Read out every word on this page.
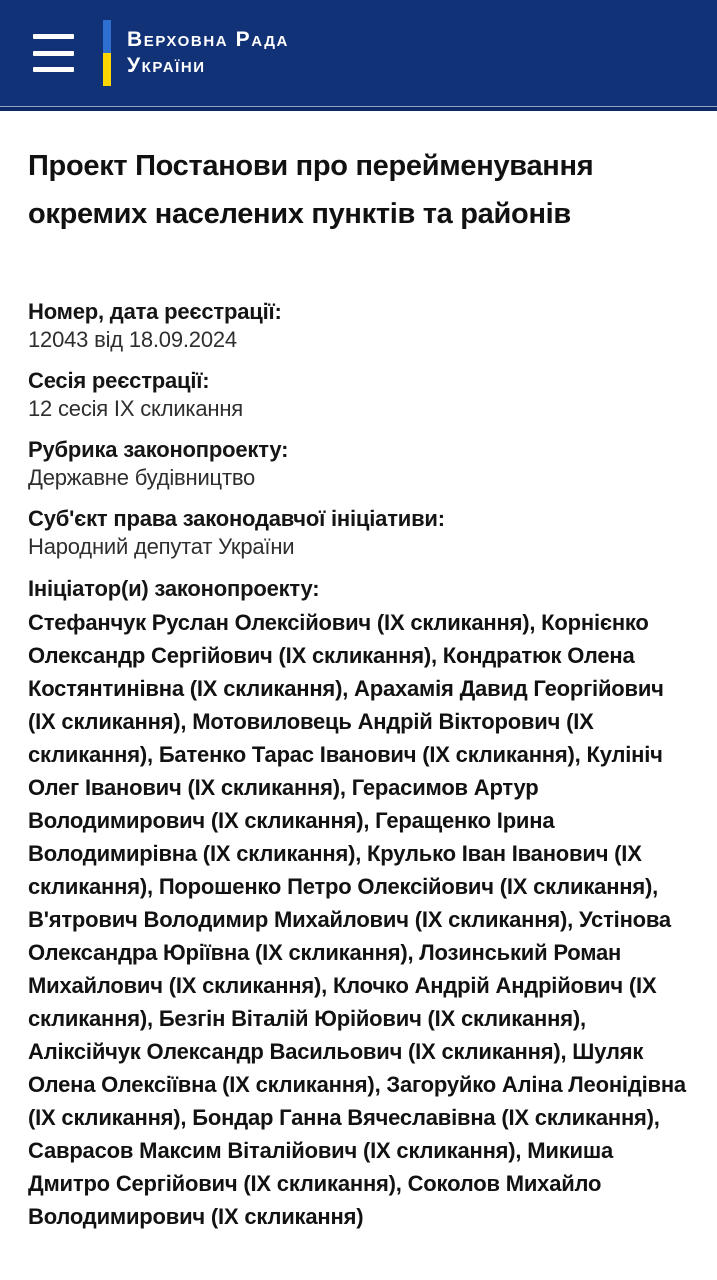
Верховна Рада
України
Проект Постанови про перейменування окремих населених пунктів та районів
Номер, дата реєстрації:
12043 від 18.09.2024
Сесія реєстрації:
12 сесія IX скликання
Рубрика законопроекту:
Державне будівництво
Суб'єкт права законодавчої ініціативи:
Народний депутат України
Ініціатор(и) законопроекту:
Стефанчук Руслан Олексійович (IX скликання), Корнієнко Олександр Сергійович (IX скликання), Кондратюк Олена Костянтинівна (IX скликання), Арахамія Давид Георгійович (IX скликання), Мотовиловець Андрій Вікторович (IX скликання), Батенко Тарас Іванович (IX скликання), Кулініч Олег Іванович (IX скликання), Герасимов Артур Володимирович (IX скликання), Геращенко Ірина Володимирівна (IX скликання), Крулько Іван Іванович (IX скликання), Порошенко Петро Олексійович (IX скликання), В'ятрович Володимир Михайлович (IX скликання), Устінова Олександра Юріївна (IX скликання), Лозинський Роман Михайлович (IX скликання), Клочко Андрій Андрійович (IX скликання), Безгін Віталій Юрійович (IX скликання), Аліксійчук Олександр Васильович (IX скликання), Шуляк Олена Олексіївна (IX скликання), Загоруйко Аліна Леонідівна (IX скликання), Бондар Ганна Вячеславівна (IX скликання), Саврасов Максим Віталійович (IX скликання), Микиша Дмитро Сергійович (IX скликання), Соколов Михайло Володимирович (IX скликання)
